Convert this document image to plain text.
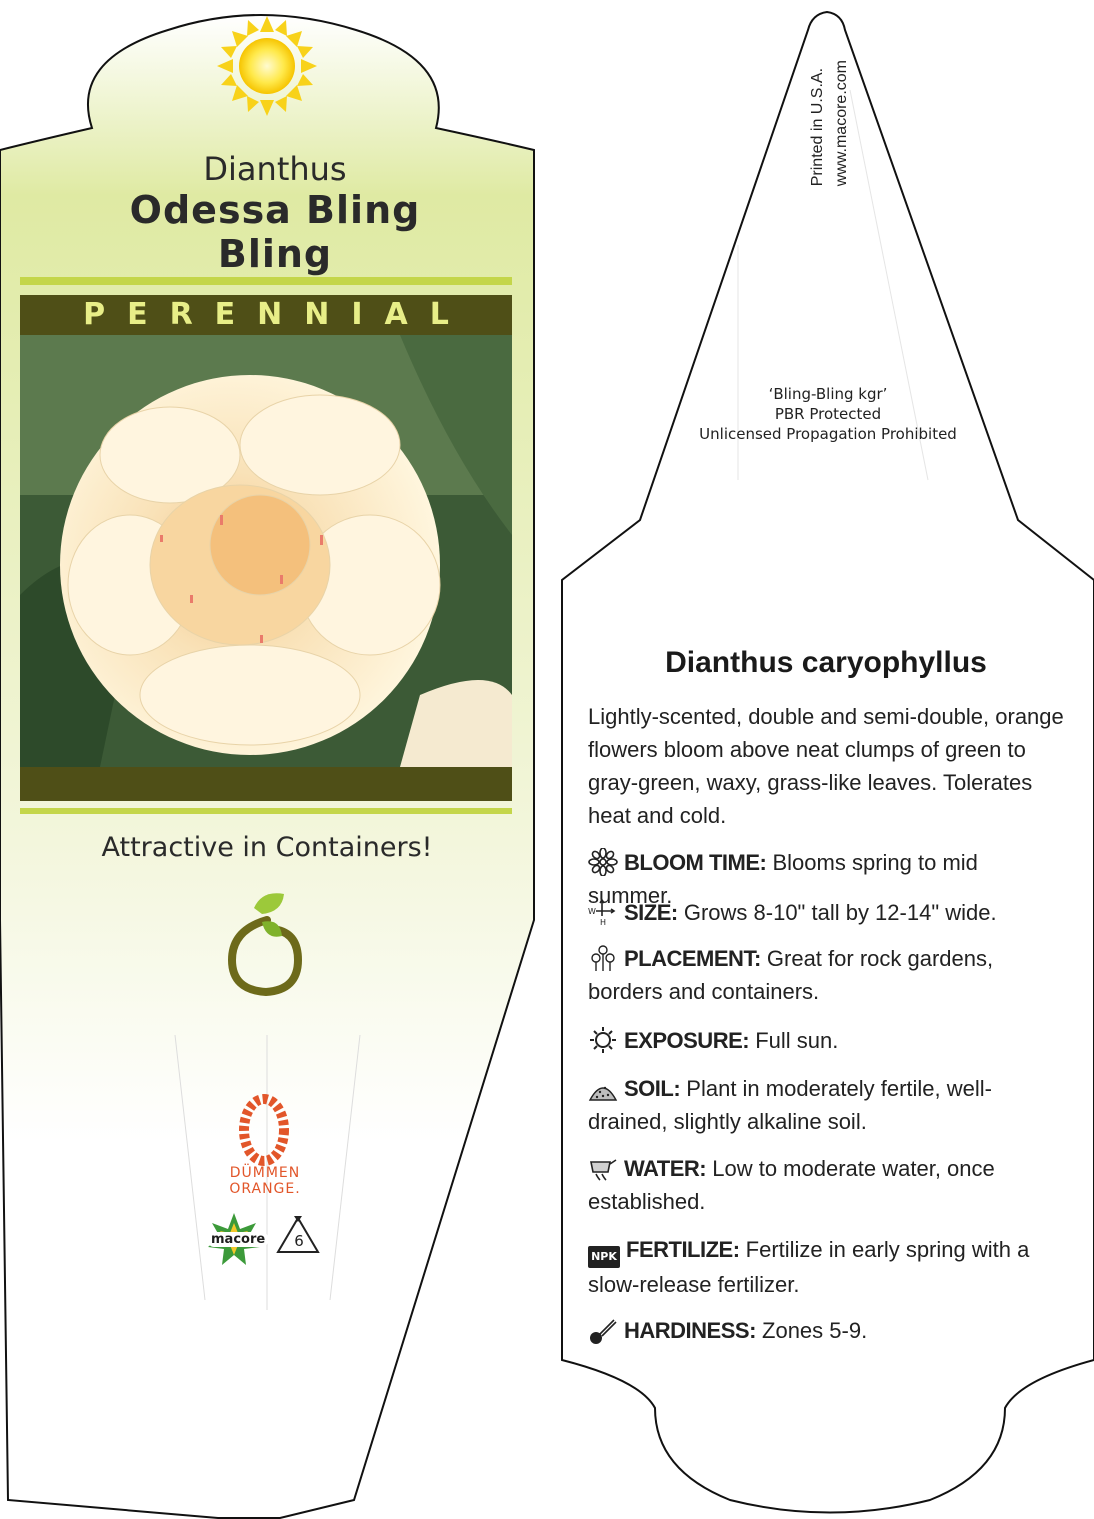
Dianthus
Odessa Bling
Bling
PERENNIAL
Attractive in Containers!
DÜMMEN
ORANGE.
macore	6
Printed in U.S.A. www.macore.com
‘Bling-Bling kgr’
PBR Protected
Unlicensed Propagation Prohibited
Dianthus caryophyllus
Lightly-scented, double and semi-double, orange flowers bloom above neat clumps of green to gray-green, waxy, grass-like leaves. Tolerates heat and cold.
BLOOM TIME: Blooms spring to mid summer.
W
H SIZE: Grows 8-10" tall by 12-14" wide.
PLACEMENT: Great for rock gardens, borders and containers.
EXPOSURE: Full sun.
SOIL: Plant in moderately fertile, well-drained, slightly alkaline soil.
WATER: Low to moderate water, once established.
NPK FERTILIZE: Fertilize in early spring with a slow-release fertilizer.
HARDINESS: Zones 5-9.
